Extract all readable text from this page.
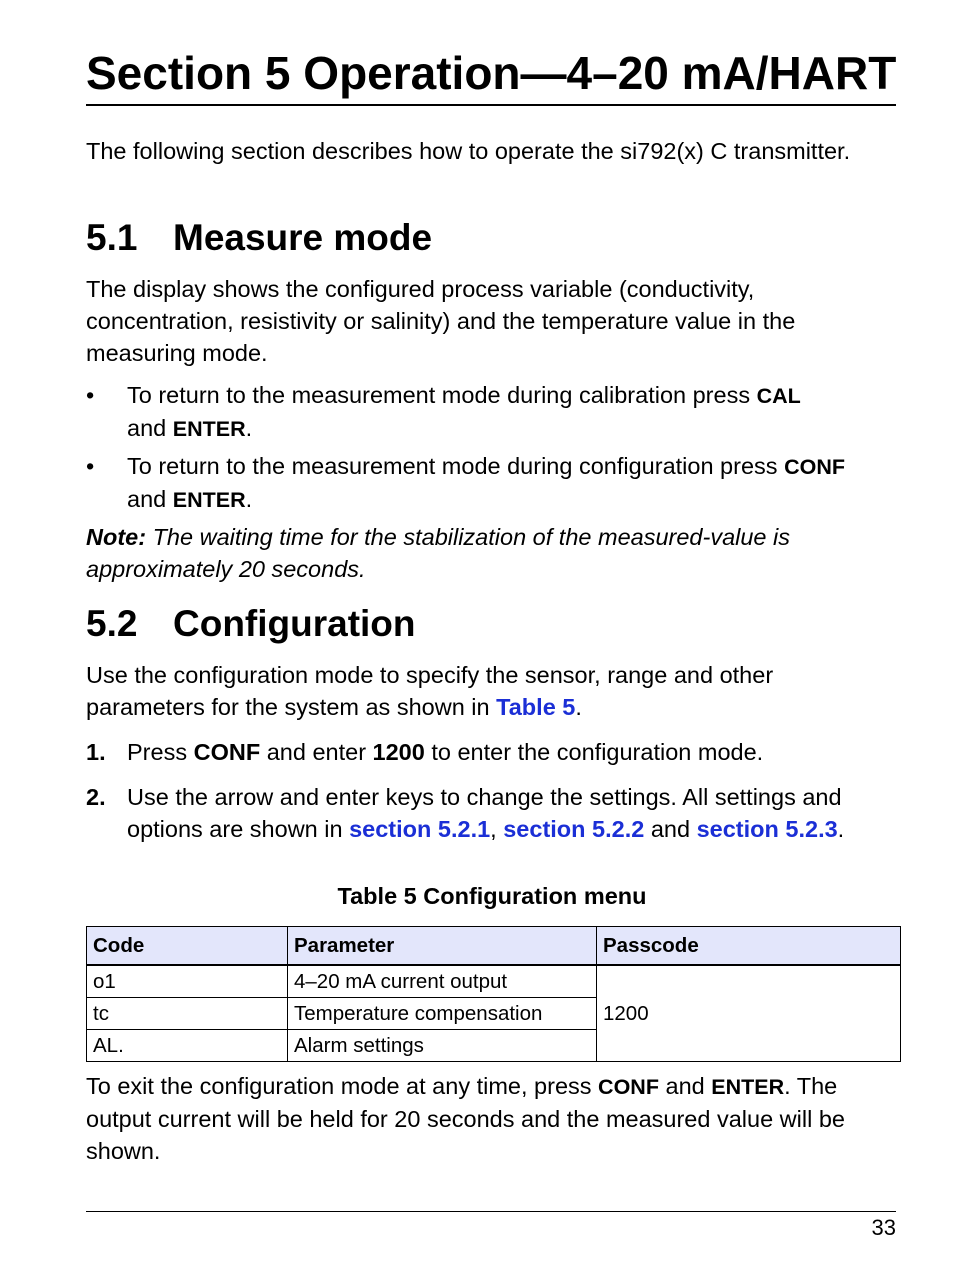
Section 5 Operation—4–20 mA/HART

The following section describes how to operate the si792(x) C transmitter.

5.1 Measure mode

The display shows the configured process variable (conductivity, concentration, resistivity or salinity) and the temperature value in the measuring mode.

• To return to the measurement mode during calibration press CAL
and ENTER.
• To return to the measurement mode during configuration press CONF and ENTER.

Note: The waiting time for the stabilization of the measured-value is approximately 20 seconds.

5.2 Configuration

Use the configuration mode to specify the sensor, range and other parameters for the system as shown in Table 5.

1. Press CONF and enter 1200 to enter the configuration mode.
2. Use the arrow and enter keys to change the settings. All settings and options are shown in section 5.2.1, section 5.2.2 and section 5.2.3.
Table 5 Configuration menu
Code	Parameter	Passcode
o1	4–20 mA current output	1200
tc	Temperature compensation	
AL.	Alarm settings	

To exit the configuration mode at any time, press CONF and ENTER. The output current will be held for 20 seconds and the measured value will be shown.

33
